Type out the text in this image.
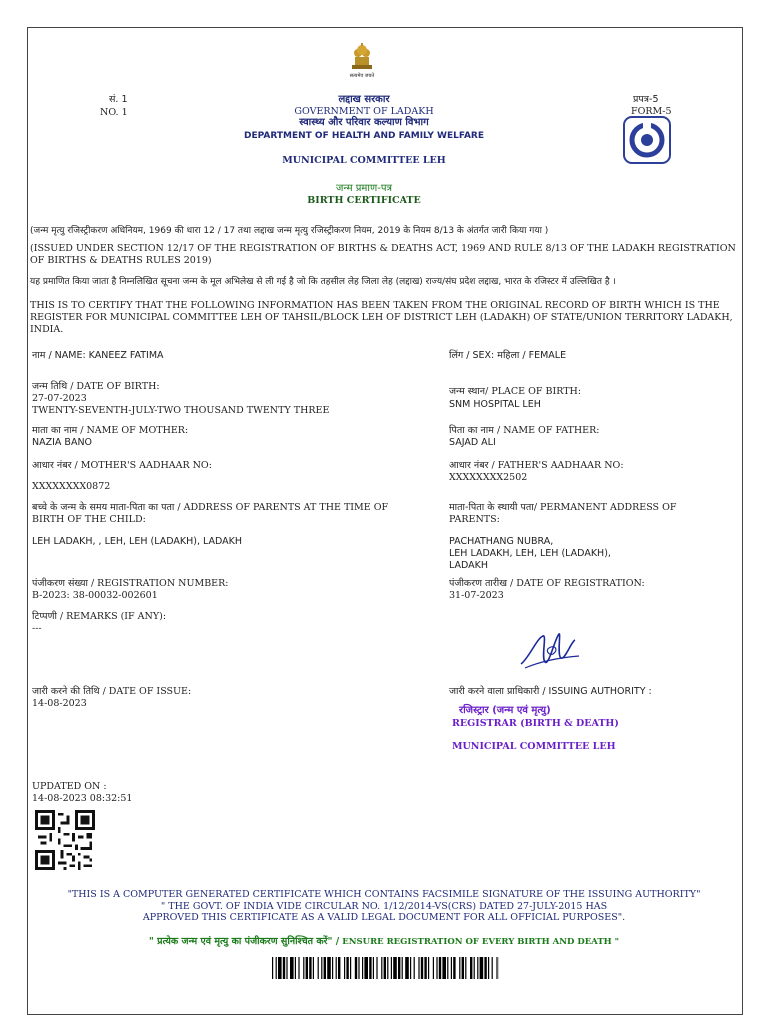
सत्यमेव जयते
सं. 1
NO. 1
लद्दाख सरकार
GOVERNMENT OF LADAKH
स्वास्थ्य और परिवार कल्याण विभाग
DEPARTMENT OF HEALTH AND FAMILY WELFARE
प्रपत्र-5
FORM-5
MUNICIPAL COMMITTEE LEH
जन्म प्रमाण-पत्र
BIRTH CERTIFICATE
(जन्म मृत्यु रजिस्ट्रीकरण अधिनियम, 1969 की धारा 12 / 17 तथा लद्दाख जन्म मृत्यु रजिस्ट्रीकरण नियम, 2019 के नियम 8/13 के अंतर्गत जारी किया गया )
(ISSUED UNDER SECTION 12/17 OF THE REGISTRATION OF BIRTHS & DEATHS ACT, 1969 AND RULE 8/13 OF THE LADAKH REGISTRATION OF BIRTHS & DEATHS RULES 2019)
यह प्रमाणित किया जाता है निम्नलिखित सूचना जन्म के मूल अभिलेख से ली गई है जो कि तहसील लेह जिला लेह (लद्दाख) राज्य/संघ प्रदेश लद्दाख, भारत के रजिस्टर में उल्लिखित है ।
THIS IS TO CERTIFY THAT THE FOLLOWING INFORMATION HAS BEEN TAKEN FROM THE ORIGINAL RECORD OF BIRTH WHICH IS THE REGISTER FOR MUNICIPAL COMMITTEE LEH OF TAHSIL/BLOCK LEH OF DISTRICT LEH (LADAKH) OF STATE/UNION TERRITORY LADAKH, INDIA.
नाम / NAME: KANEEZ FATIMA	लिंग / SEX: महिला / FEMALE
जन्म तिथि / DATE OF BIRTH:
27-07-2023
TWENTY-SEVENTH-JULY-TWO THOUSAND TWENTY THREE
जन्म स्थान/ PLACE OF BIRTH:
SNM HOSPITAL LEH
माता का नाम / NAME OF MOTHER:
NAZIA BANO
पिता का नाम / NAME OF FATHER:
SAJAD ALI
आधार नंबर / MOTHER'S AADHAAR NO:
XXXXXXXX0872
आधार नंबर / FATHER'S AADHAAR NO:
XXXXXXXX2502
बच्चे के जन्म के समय माता-पिता का पता / ADDRESS OF PARENTS AT THE TIME OF
BIRTH OF THE CHILD:
LEH LADAKH, , LEH, LEH (LADAKH), LADAKH
माता-पिता के स्थायी पता/ PERMANENT ADDRESS OF
PARENTS:
PACHATHANG NUBRA,
LEH LADAKH, LEH, LEH (LADAKH),
LADAKH
पंजीकरण संख्या / REGISTRATION NUMBER:
B-2023: 38-00032-002601
पंजीकरण तारीख / DATE OF REGISTRATION:
31-07-2023
टिप्पणी / REMARKS (IF ANY):
---
जारी करने की तिथि / DATE OF ISSUE:
14-08-2023
जारी करने वाला प्राधिकारी / ISSUING AUTHORITY :
रजिस्ट्रार (जन्म एवं मृत्यु)
REGISTRAR (BIRTH & DEATH)
MUNICIPAL COMMITTEE LEH
UPDATED ON :
14-08-2023 08:32:51
"THIS IS A COMPUTER GENERATED CERTIFICATE WHICH CONTAINS FACSIMILE SIGNATURE OF THE ISSUING AUTHORITY"
" THE GOVT. OF INDIA VIDE CIRCULAR NO. 1/12/2014-VS(CRS) DATED 27-JULY-2015 HAS
APPROVED THIS CERTIFICATE AS A VALID LEGAL DOCUMENT FOR ALL OFFICIAL PURPOSES".
" प्रत्येक जन्म एवं मृत्यु का पंजीकरण सुनिश्चित करें" / ENSURE REGISTRATION OF EVERY BIRTH AND DEATH "
